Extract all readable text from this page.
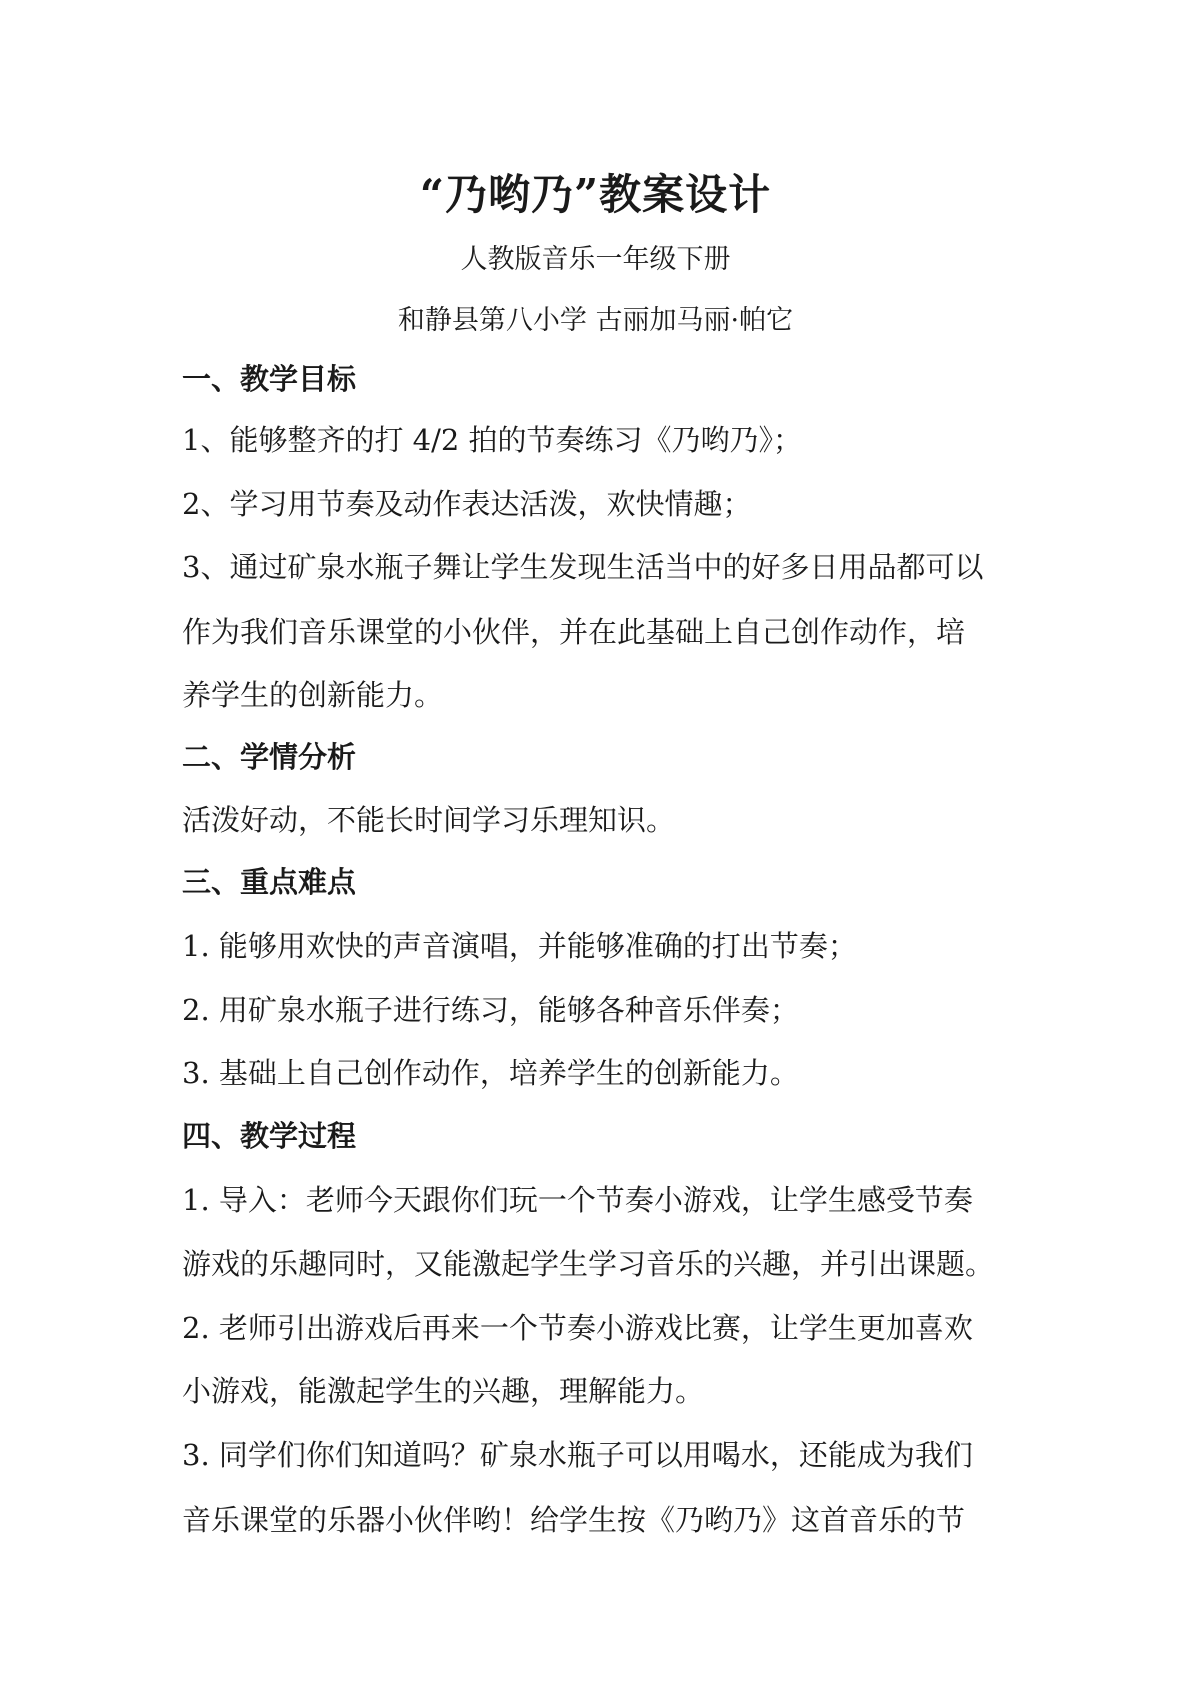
“乃哟乃”教案设计
人教版音乐一年级下册
和静县第八小学 古丽加马丽·帕它
一、教学目标
1、能够整齐的打 4/2 拍的节奏练习《乃哟乃》；
2、学习用节奏及动作表达活泼，欢快情趣；
3、通过矿泉水瓶子舞让学生发现生活当中的好多日用品都可以
作为我们音乐课堂的小伙伴，并在此基础上自己创作动作，培
养学生的创新能力。
二、学情分析
活泼好动，不能长时间学习乐理知识。
三、重点难点
1. 能够用欢快的声音演唱，并能够准确的打出节奏；
2. 用矿泉水瓶子进行练习，能够各种音乐伴奏；
3. 基础上自己创作动作，培养学生的创新能力。
四、教学过程
1. 导入：老师今天跟你们玩一个节奏小游戏，让学生感受节奏
游戏的乐趣同时，又能激起学生学习音乐的兴趣，并引出课题。
2. 老师引出游戏后再来一个节奏小游戏比赛，让学生更加喜欢
小游戏，能激起学生的兴趣，理解能力。
3. 同学们你们知道吗？矿泉水瓶子可以用喝水，还能成为我们
音乐课堂的乐器小伙伴哟！给学生按《乃哟乃》这首音乐的节
